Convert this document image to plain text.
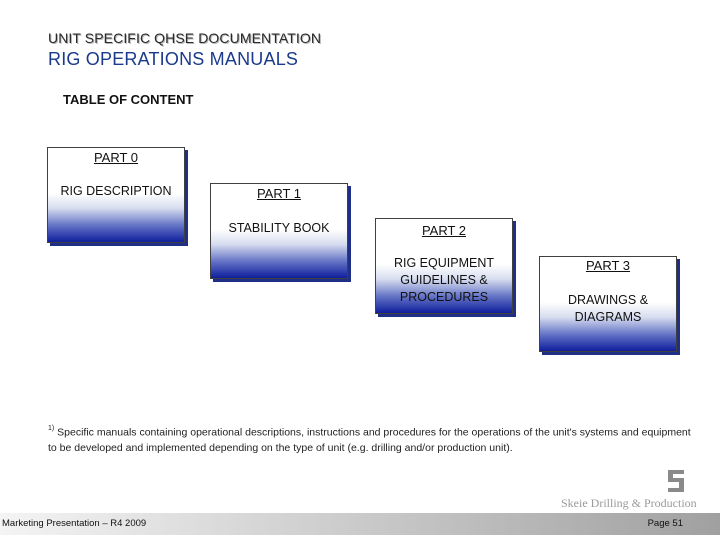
UNIT SPECIFIC QHSE DOCUMENTATION
RIG OPERATIONS MANUALS
TABLE OF CONTENT
PART 0
RIG DESCRIPTION	PART 1
STABILITY BOOK	PART 2
RIG EQUIPMENT
GUIDELINES &
PROCEDURES
PART 3
DRAWINGS &
DIAGRAMS
$^{1)}$ Specific manuals containing operational descriptions, instructions and procedures for the operations of the unit's systems and equipment to be developed and implemented depending on the type of unit (e.g. drilling and/or production unit).
Skeie Drilling & Production
Marketing Presentation – R4 2009	Page 51
